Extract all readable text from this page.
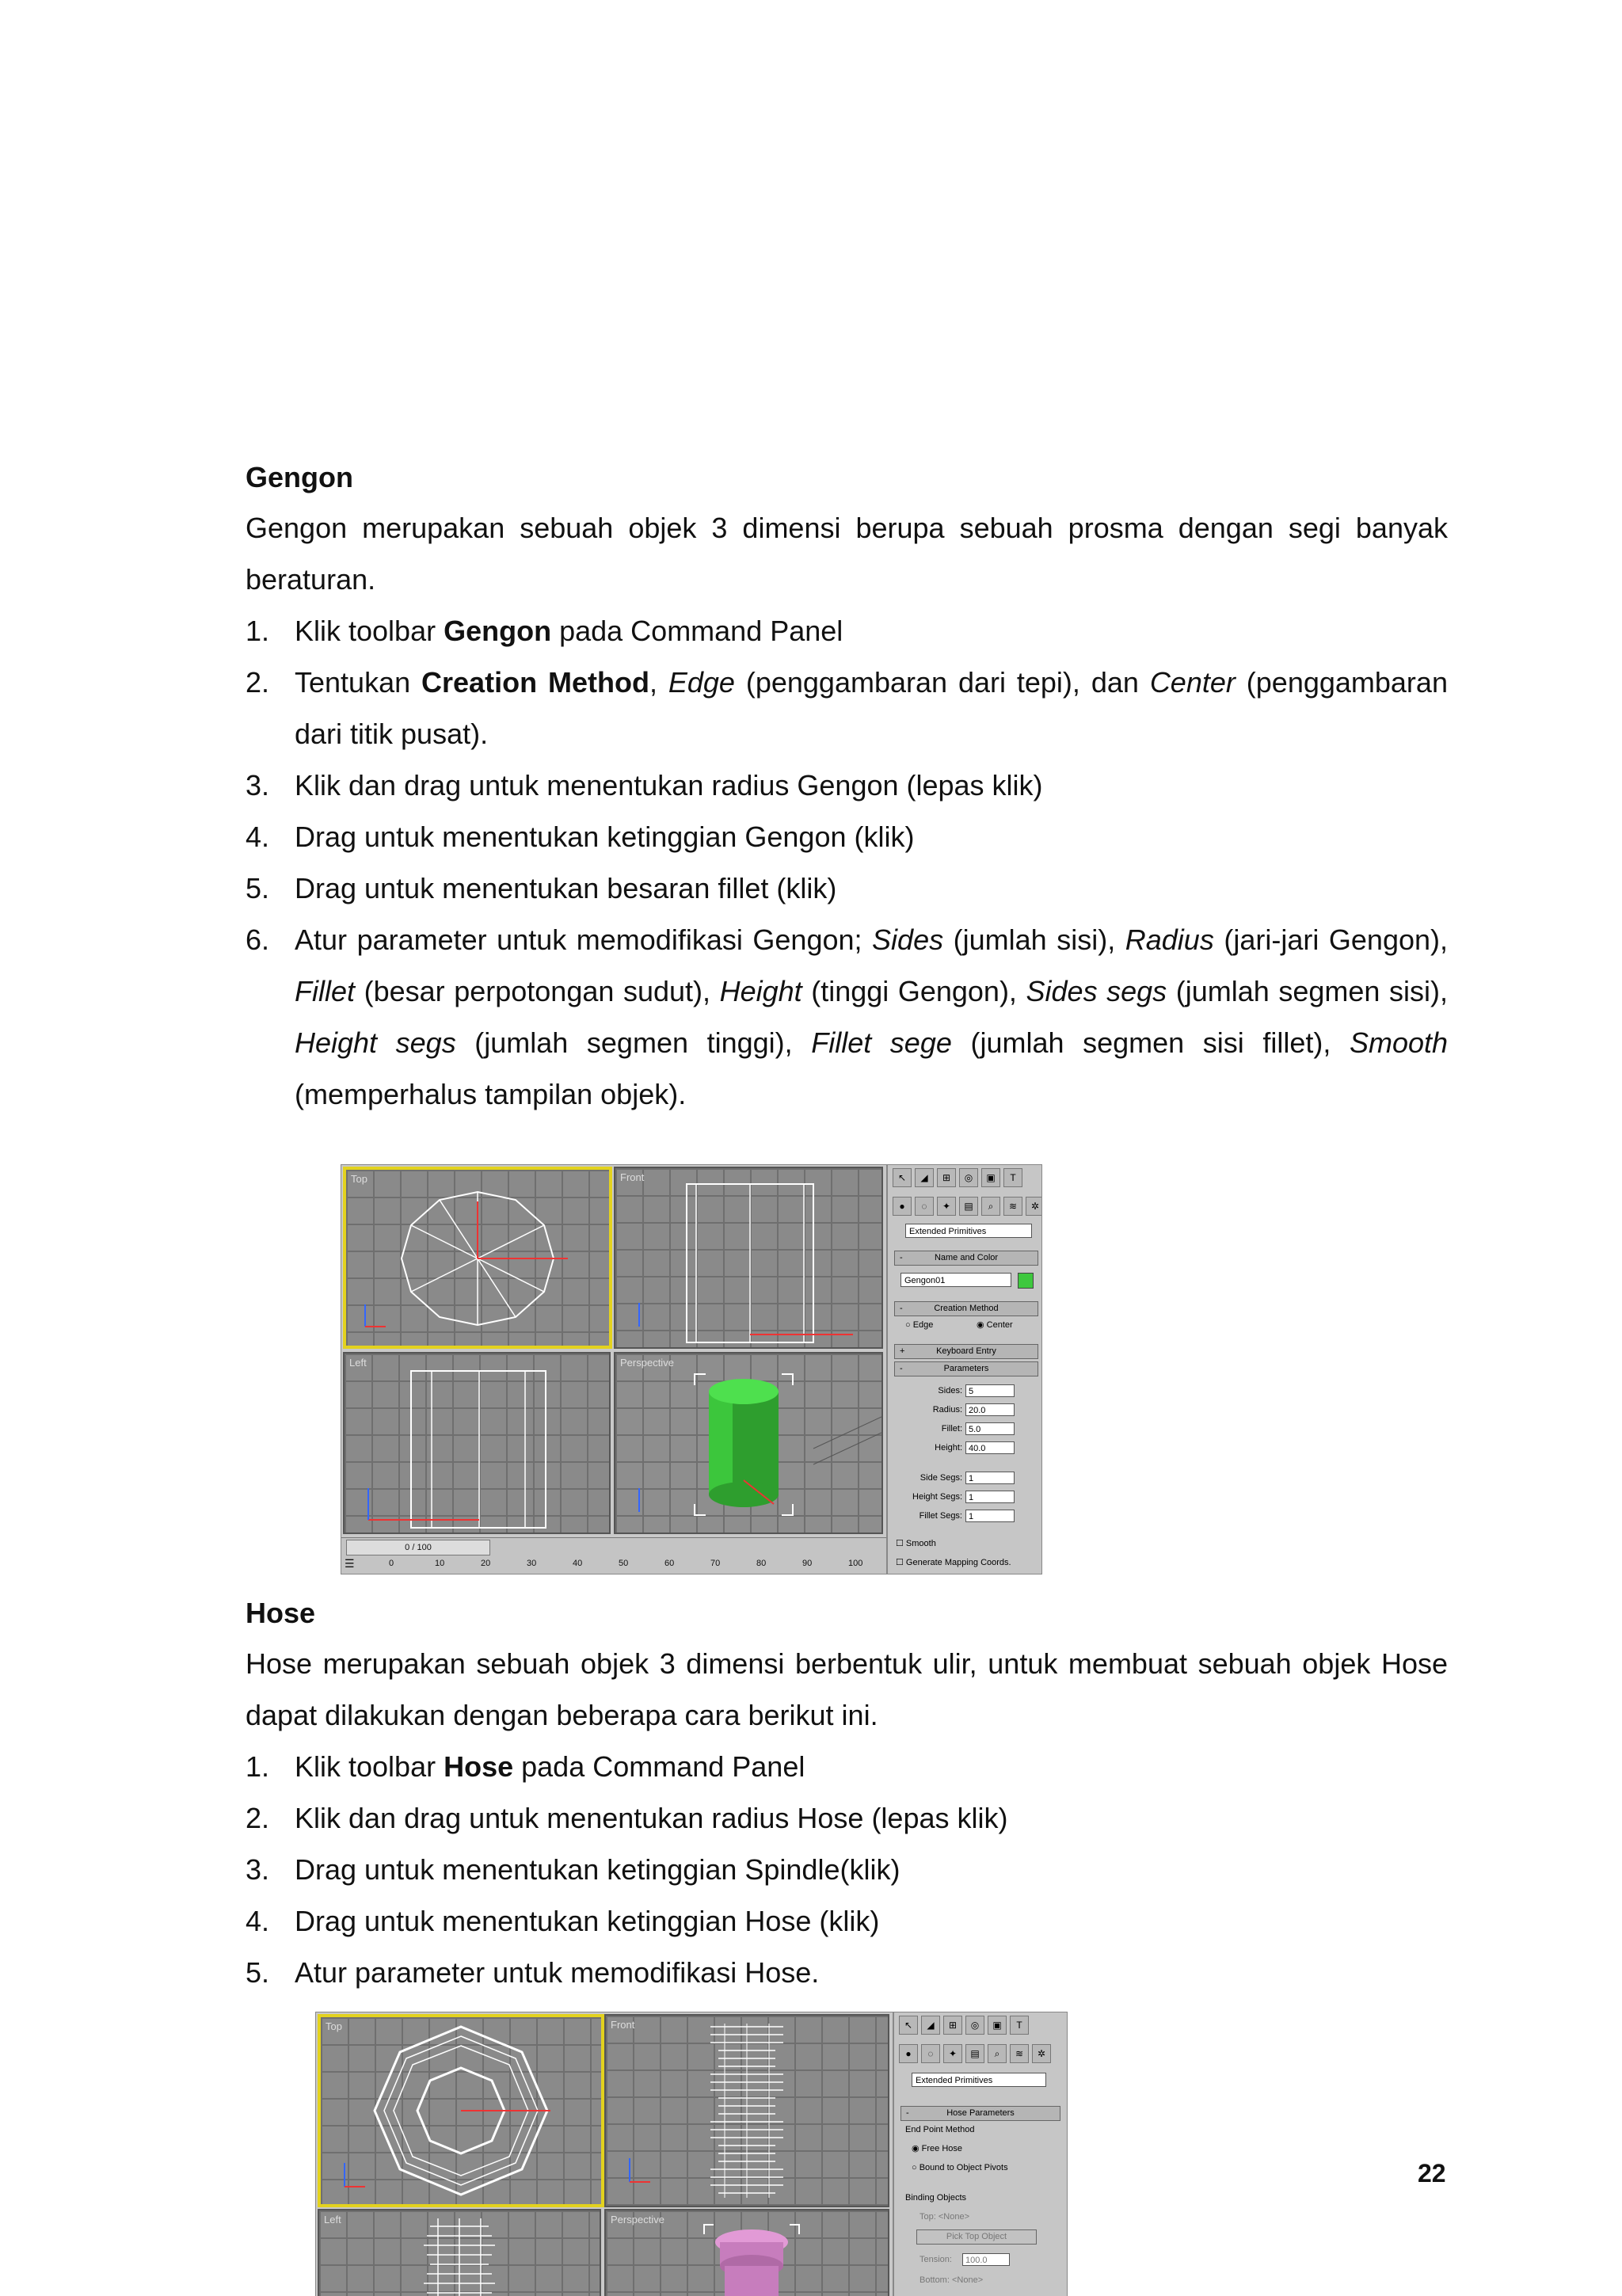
Gengon

Gengon merupakan sebuah objek 3 dimensi berupa sebuah prosma dengan segi banyak beraturan.

1. Klik toolbar Gengon pada Command Panel
2. Tentukan Creation Method, Edge (penggambaran dari tepi), dan Center (penggambaran dari titik pusat).
3. Klik dan drag untuk menentukan radius Gengon (lepas klik)
4. Drag untuk menentukan ketinggian Gengon (klik)
5. Drag untuk menentukan besaran fillet (klik)
6. Atur parameter untuk memodifikasi Gengon; Sides (jumlah sisi), Radius (jari-jari Gengon), Fillet (besar perpotongan sudut), Height (tinggi Gengon), Sides segs (jumlah segmen sisi), Height segs (jumlah segmen tinggi), Fillet sege (jumlah segmen sisi fillet), Smooth (memperhalus tampilan objek).
Top	Front
Left	Perspective
↖	◢	⊞	◎	▣	T
●	◌	✦	▤	⌕	≋	✲
Extended Primitives
-	Name and Color
Gengon01
-	Creation Method
○ Edge	◉ Center
+	Keyboard Entry
-	Parameters
Sides: 5
Radius: 20.0
Fillet: 5.0
Height: 40.0
Side Segs: 1
Height Segs: 1
Fillet Segs: 1
☐ Smooth
☐ Generate Mapping Coords.
0 / 100
☰	0	10	20	30	40	50	60	70	80	90	100
Hose

Hose merupakan sebuah objek 3 dimensi berbentuk ulir, untuk membuat sebuah objek Hose dapat dilakukan dengan beberapa cara berikut ini.

1. Klik toolbar Hose pada Command Panel
2. Klik dan drag untuk menentukan radius Hose (lepas klik)
3. Drag untuk menentukan ketinggian Spindle(klik)
4. Drag untuk menentukan ketinggian Hose (klik)
5. Atur parameter untuk memodifikasi Hose.
Top	Front
Left	Perspective
↖	◢	⊞	◎	▣	T
●	◌	✦	▤	⌕	≋	✲
Extended Primitives
-	Hose Parameters
End Point Method
◉ Free Hose
○ Bound to Object Pivots
Binding Objects
Top: <None>
Pick Top Object
Tension:	100.0
Bottom: <None>
22
